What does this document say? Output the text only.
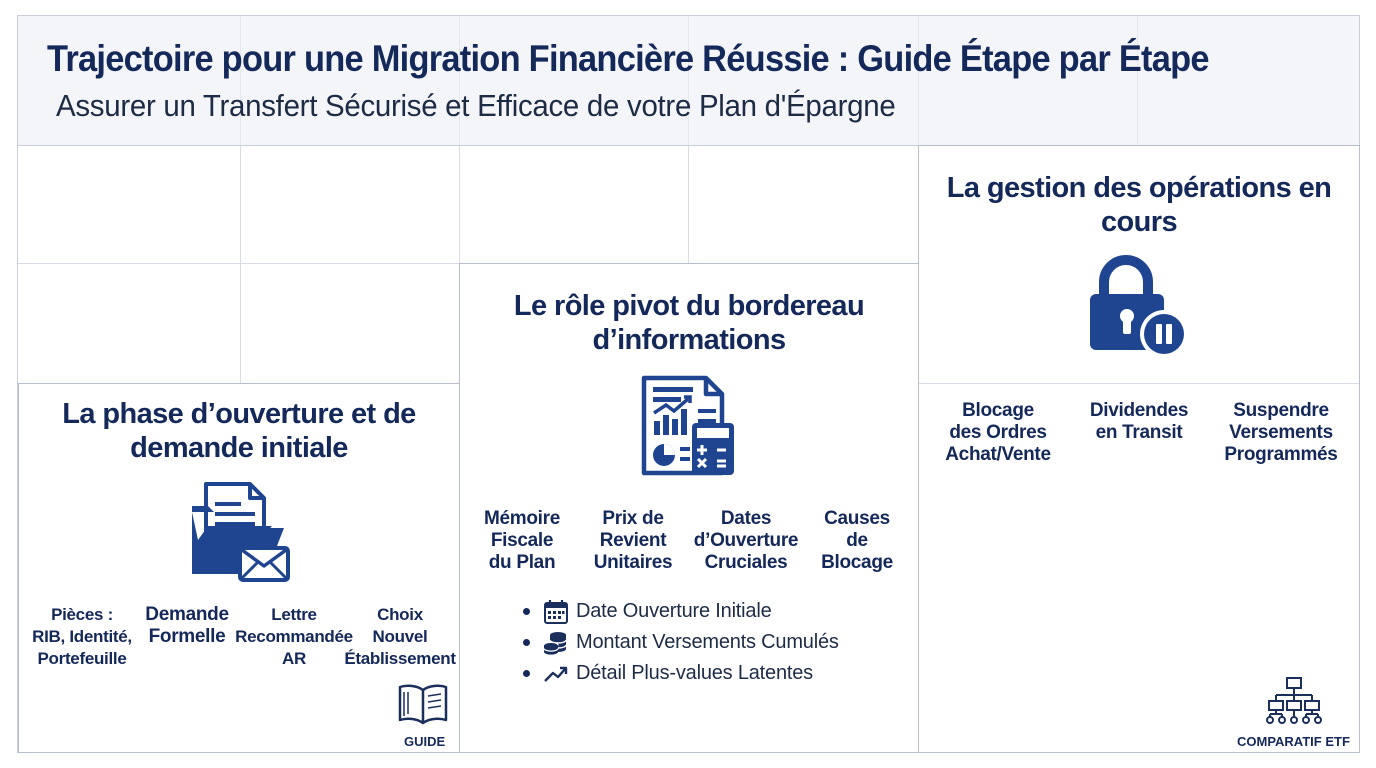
Trajectoire pour une Migration Financière Réussie : Guide Étape par Étape
Assurer un Transfert Sécurisé et Efficace de votre Plan d'Épargne
La phase d’ouverture et de
demande initiale
Pièces :
RIB, Identité,
Portefeuille
Demande
Formelle
Lettre
Recommandée
AR
Choix
Nouvel
Établissement
GUIDE
Le rôle pivot du bordereau
d’informations
Mémoire
Fiscale
du Plan
Prix de
Revient
Unitaires
Dates
d’Ouverture
Cruciales
Causes
de
Blocage
Date Ouverture Initiale
Montant Versements Cumulés
Détail Plus-values Latentes
La gestion des opérations en
cours
Blocage
des Ordres
Achat/Vente
Dividendes
en Transit
Suspendre
Versements
Programmés
COMPARATIF ETF
